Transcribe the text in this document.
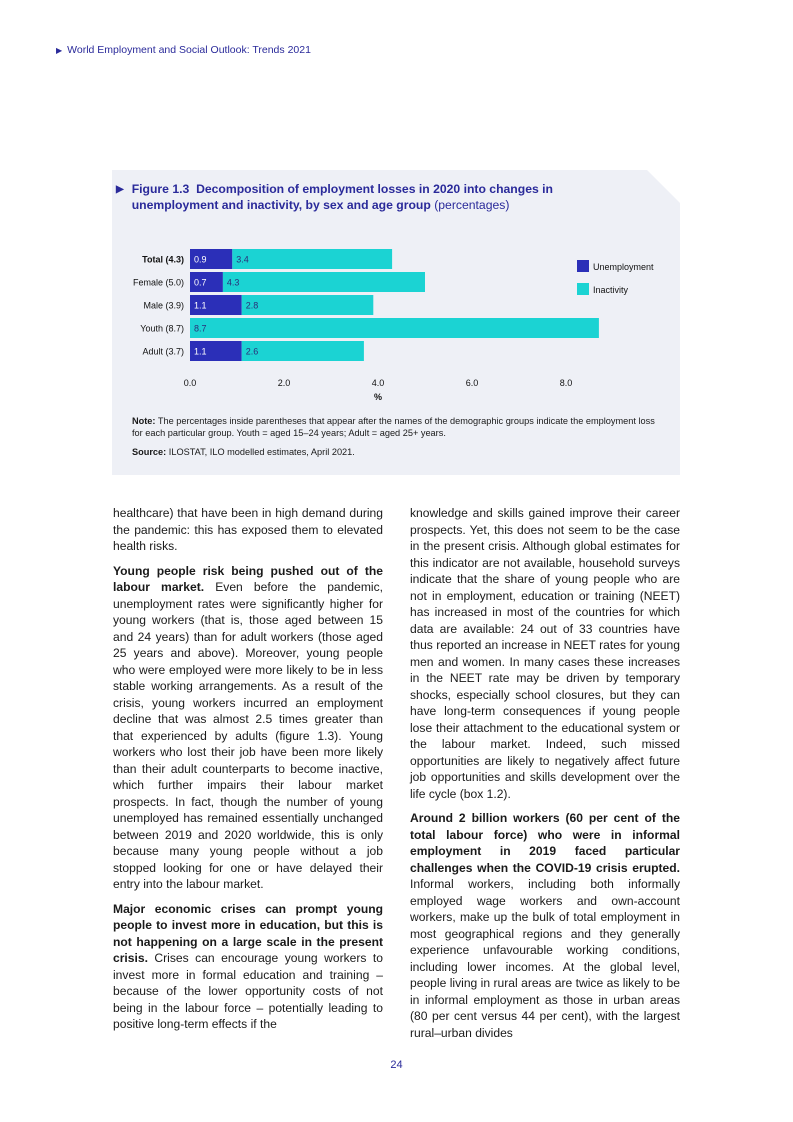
▶ World Employment and Social Outlook: Trends 2021
▶ Figure 1.3 Decomposition of employment losses in 2020 into changes in unemployment and inactivity, by sex and age group (percentages)
Total (4.3) 0.9	3.4
Female (5.0) 0.7 4.3
Male (3.9) 1.1	2.8
Youth (8.7) 8.7
Adult (3.7) 1.1	2.6
0.0	2.0	4.0	6.0	8.0
%
Unemployment
Inactivity
Note: The percentages inside parentheses that appear after the names of the demographic groups indicate the employment loss for each particular group. Youth = aged 15–24 years; Adult = aged 25+ years.
Source: ILOSTAT, ILO modelled estimates, April 2021.

healthcare) that have been in high demand during the pandemic: this has exposed them to elevated health risks.

Young people risk being pushed out of the labour market. Even before the pandemic, unemployment rates were significantly higher for young workers (that is, those aged between 15 and 24 years) than for adult workers (those aged 25 years and above). Moreover, young people who were employed were more likely to be in less stable working arrangements. As a result of the crisis, young workers incurred an employment decline that was almost 2.5 times greater than that experienced by adults (figure 1.3). Young workers who lost their job have been more likely than their adult counterparts to become inactive, which further impairs their labour market prospects. In fact, though the number of young unemployed has remained essentially unchanged between 2019 and 2020 worldwide, this is only because many young people without a job stopped looking for one or have delayed their entry into the labour market.

Major economic crises can prompt young people to invest more in education, but this is not happening on a large scale in the present crisis. Crises can encourage young workers to invest more in formal education and training – because of the lower opportunity costs of not being in the labour force – potentially leading to positive long-term effects if the

knowledge and skills gained improve their career prospects. Yet, this does not seem to be the case in the present crisis. Although global estimates for this indicator are not available, household surveys indicate that the share of young people who are not in employment, education or training (NEET) has increased in most of the countries for which data are available: 24 out of 33 countries have thus reported an increase in NEET rates for young men and women. In many cases these increases in the NEET rate may be driven by temporary shocks, especially school closures, but they can have long-term consequences if young people lose their attachment to the educational system or the labour market. Indeed, such missed opportunities are likely to negatively affect future job opportunities and skills development over the life cycle (box 1.2).

Around 2 billion workers (60 per cent of the total labour force) who were in informal employment in 2019 faced particular challenges when the COVID-19 crisis erupted. Informal workers, including both informally employed wage workers and own-account workers, make up the bulk of total employment in most geographical regions and they generally experience unfavourable working conditions, including lower incomes. At the global level, people living in rural areas are twice as likely to be in informal employment as those in urban areas (80 per cent versus 44 per cent), with the largest rural–urban divides

24
